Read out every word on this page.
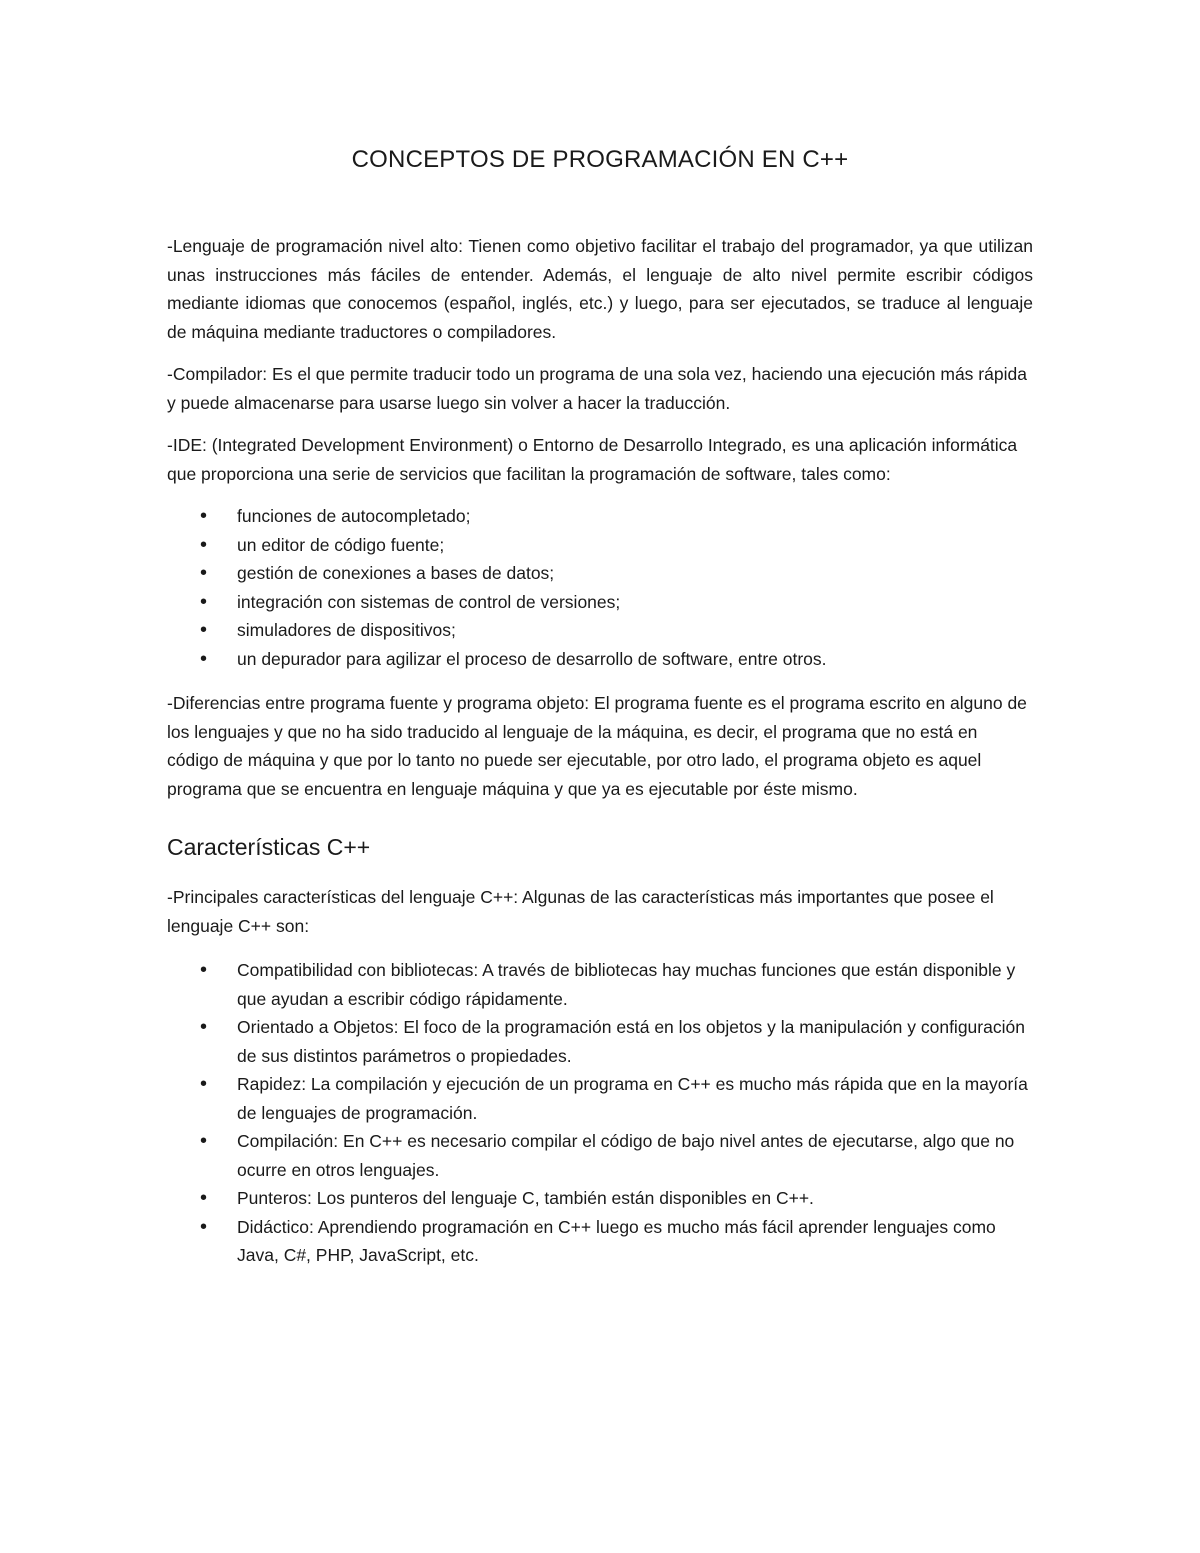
CONCEPTOS DE PROGRAMACIÓN EN C++

-Lenguaje de programación nivel alto: Tienen como objetivo facilitar el trabajo del programador, ya que utilizan unas instrucciones más fáciles de entender. Además, el lenguaje de alto nivel permite escribir códigos mediante idiomas que conocemos (español, inglés, etc.) y luego, para ser ejecutados, se traduce al lenguaje de máquina mediante traductores o compiladores.

-Compilador: Es el que permite traducir todo un programa de una sola vez, haciendo una ejecución más rápida y puede almacenarse para usarse luego sin volver a hacer la traducción.

-IDE: (Integrated Development Environment) o Entorno de Desarrollo Integrado, es una aplicación informática que proporciona una serie de servicios que facilitan la programación de software, tales como:

• funciones de autocompletado;
• un editor de código fuente;
• gestión de conexiones a bases de datos;
• integración con sistemas de control de versiones;
• simuladores de dispositivos;
• un depurador para agilizar el proceso de desarrollo de software, entre otros.

-Diferencias entre programa fuente y programa objeto: El programa fuente es el programa escrito en alguno de los lenguajes y que no ha sido traducido al lenguaje de la máquina, es decir, el programa que no está en código de máquina y que por lo tanto no puede ser ejecutable, por otro lado, el programa objeto es aquel programa que se encuentra en lenguaje máquina y que ya es ejecutable por éste mismo.

Características C++

-Principales características del lenguaje C++: Algunas de las características más importantes que posee el lenguaje C++ son:

• Compatibilidad con bibliotecas: A través de bibliotecas hay muchas funciones que están disponible y que ayudan a escribir código rápidamente.
• Orientado a Objetos: El foco de la programación está en los objetos y la manipulación y configuración de sus distintos parámetros o propiedades.
• Rapidez: La compilación y ejecución de un programa en C++ es mucho más rápida que en la mayoría de lenguajes de programación.
• Compilación: En C++ es necesario compilar el código de bajo nivel antes de ejecutarse, algo que no ocurre en otros lenguajes.
• Punteros: Los punteros del lenguaje C, también están disponibles en C++.
• Didáctico: Aprendiendo programación en C++ luego es mucho más fácil aprender lenguajes como Java, C#, PHP, JavaScript, etc.
